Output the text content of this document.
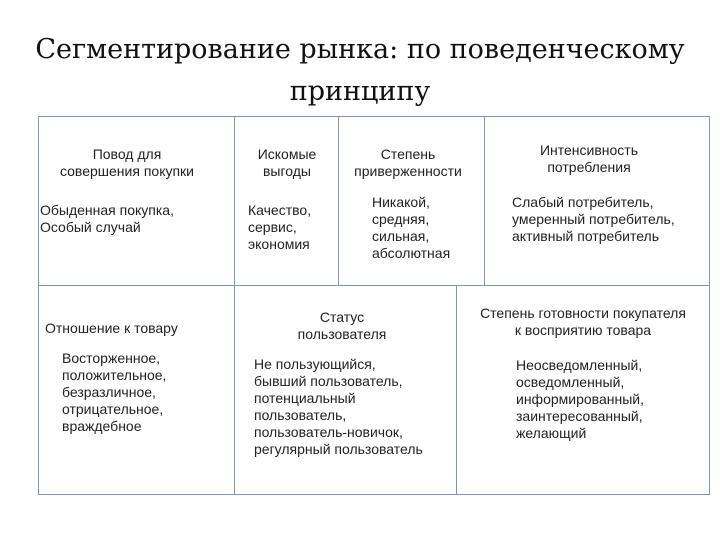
Сегментирование рынка: по поведенческому
принципу
Повод для
совершения покупки
Искомые
выгоды
Степень
приверженности
Интенсивность
потребления
Обыденная покупка,
Особый случай
Качество,
сервис,
экономия
Никакой,
средняя,
сильная,
абсолютная
Слабый потребитель,
умеренный потребитель,
активный потребитель
Отношение к товару
Статус
пользователя
Степень готовности покупателя
к восприятию товара
Восторженное,
положительное,
безразличное,
отрицательное,
враждебное
Не пользующийся,
бывший пользователь,
потенциальный
пользователь,
пользователь-новичок,
регулярный пользователь
Неосведомленный,
осведомленный,
информированный,
заинтересованный,
желающий
